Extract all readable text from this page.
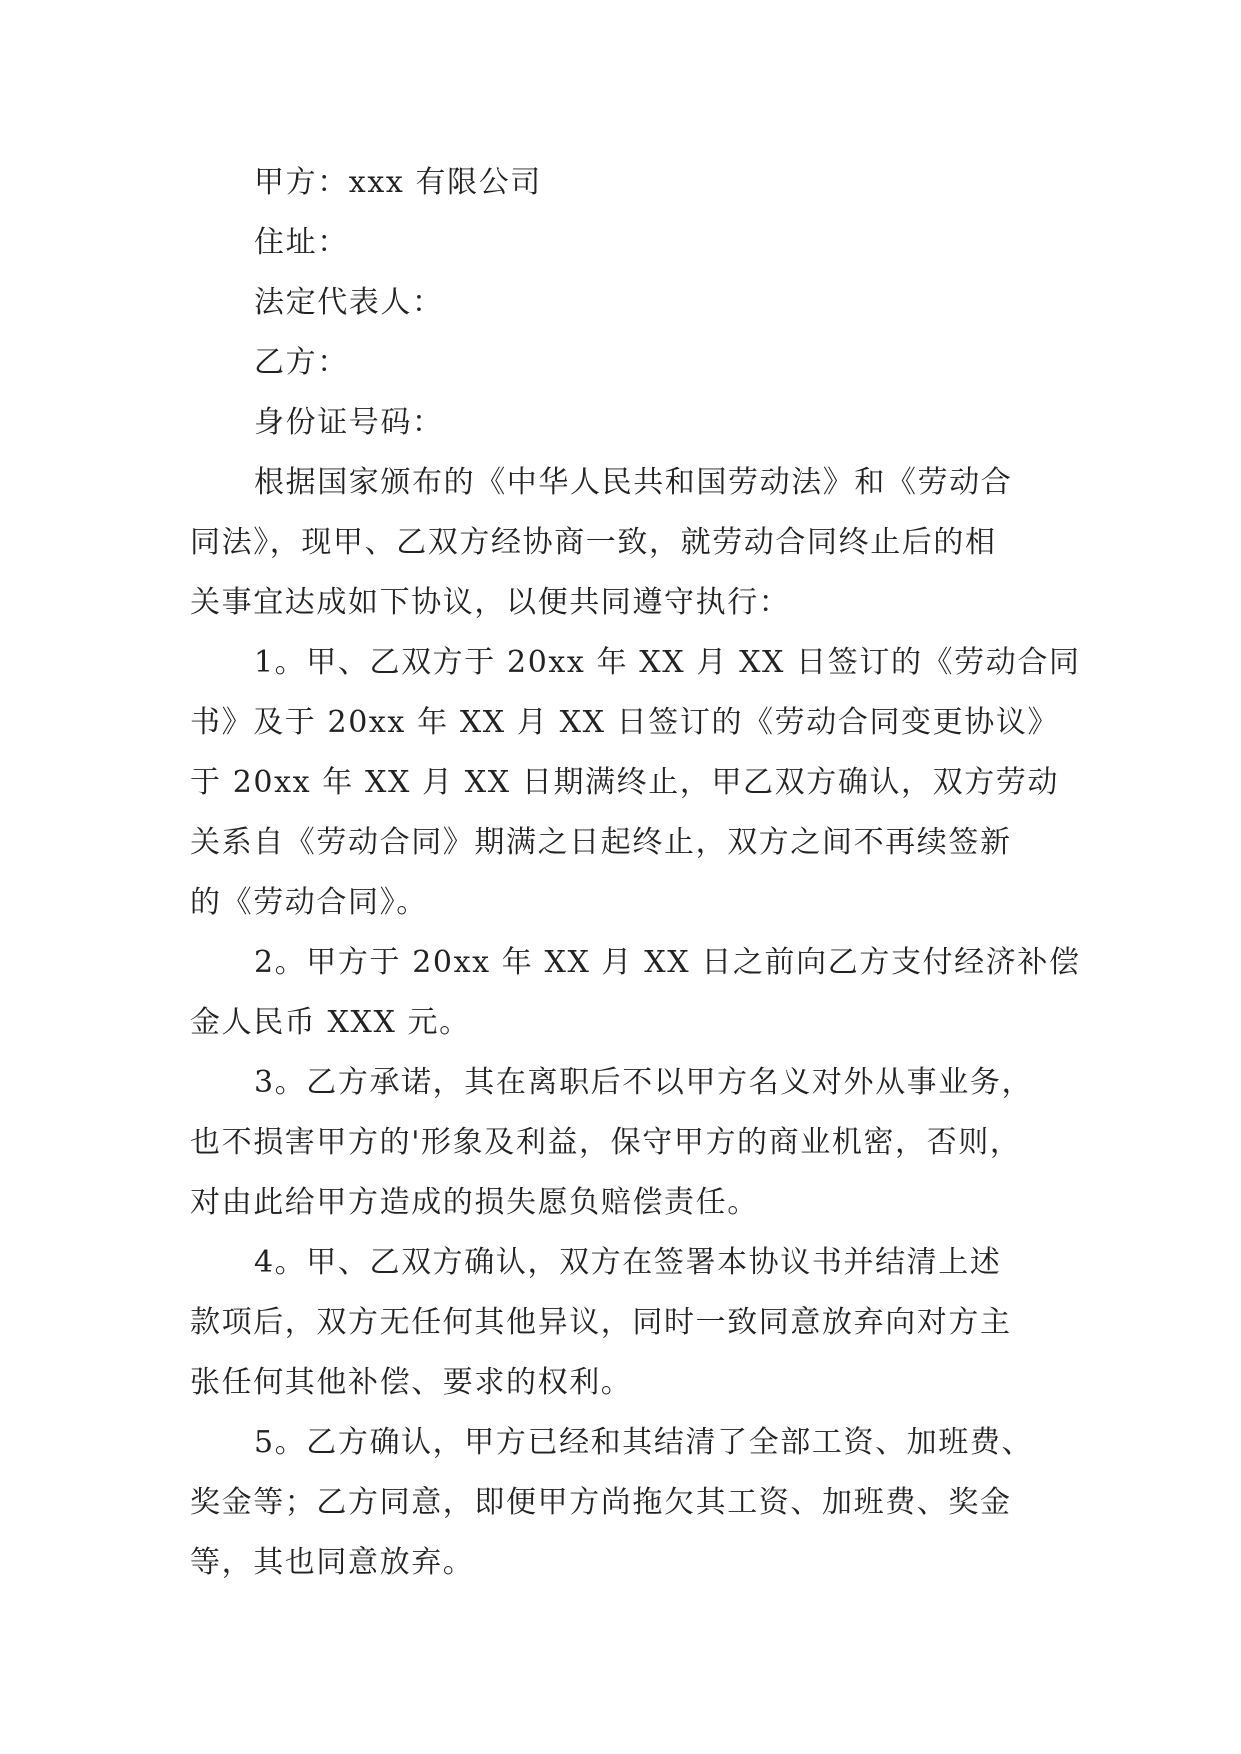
甲方：xxx 有限公司
住址：
法定代表人：
乙方：
身份证号码：
根据国家颁布的《中华人民共和国劳动法》和《劳动合
同法》，现甲、乙双方经协商一致，就劳动合同终止后的相
关事宜达成如下协议，以便共同遵守执行：
1。甲、乙双方于 20xx 年 XX 月 XX 日签订的《劳动合同
书》及于 20xx 年 XX 月 XX 日签订的《劳动合同变更协议》
于 20xx 年 XX 月 XX 日期满终止，甲乙双方确认，双方劳动
关系自《劳动合同》期满之日起终止，双方之间不再续签新
的《劳动合同》。
2。甲方于 20xx 年 XX 月 XX 日之前向乙方支付经济补偿
金人民币 XXX 元。
3。乙方承诺，其在离职后不以甲方名义对外从事业务，
也不损害甲方的'形象及利益，保守甲方的商业机密，否则，
对由此给甲方造成的损失愿负赔偿责任。
4。甲、乙双方确认，双方在签署本协议书并结清上述
款项后，双方无任何其他异议，同时一致同意放弃向对方主
张任何其他补偿、要求的权利。
5。乙方确认，甲方已经和其结清了全部工资、加班费、
奖金等；乙方同意，即便甲方尚拖欠其工资、加班费、奖金
等，其也同意放弃。
